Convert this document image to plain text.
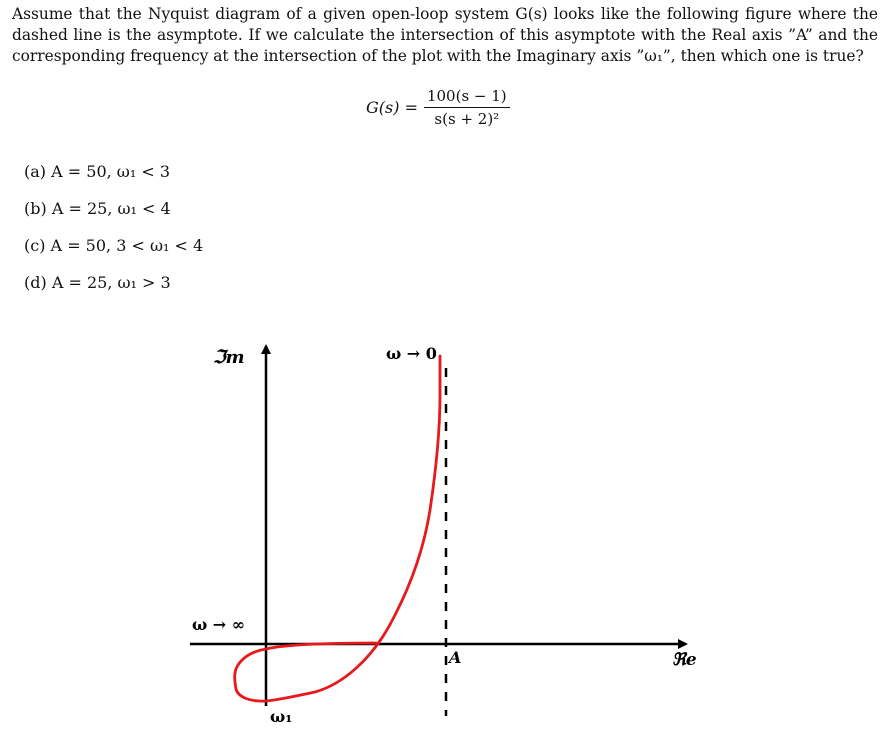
Assume that the Nyquist diagram of a given open-loop system G(s) looks like the following figure where the dashed line is the asymptote. If we calculate the intersection of this asymptote with the Real axis ”A” and the corresponding frequency at the intersection of the plot with the Imaginary axis ”ω₁”, then which one is true?

$G(s) = \frac{100(s - 1)}{\text{s(s + 2)²}}$
(a) A = 50, ω₁ < 3
(b) A = 25, ω₁ < 4
(c) A = 50, 3 < ω₁ < 4
(d) A = 25, ω₁ > 3
ℑm	ω → 0
ω → ∞
A	ℜe
ω₁
